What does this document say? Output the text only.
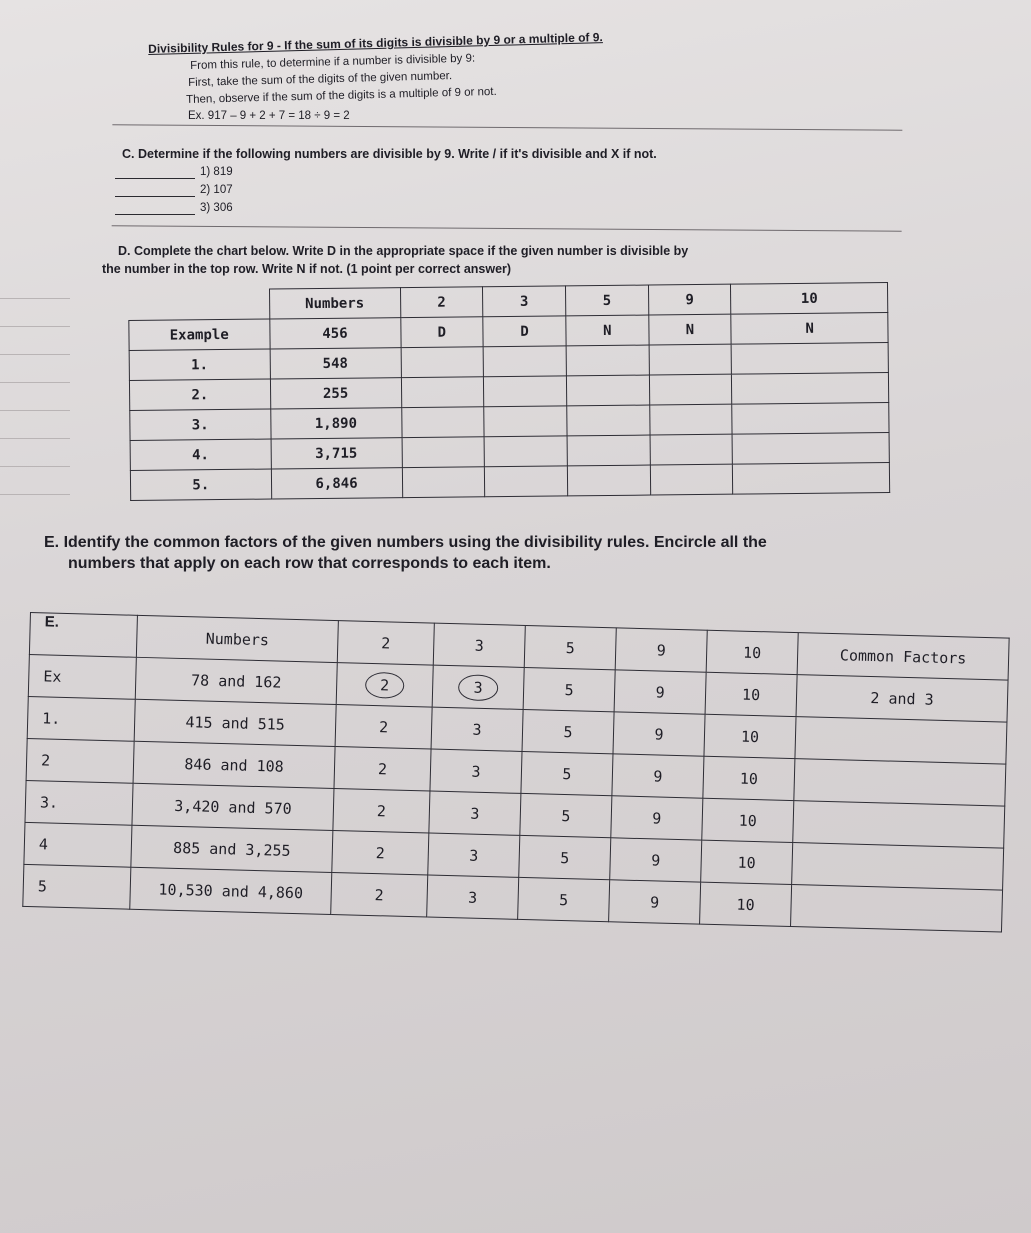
Divisibility Rules for 9 - If the sum of its digits is divisible by 9 or a multiple of 9.
From this rule, to determine if a number is divisible by 9:
First, take the sum of the digits of the given number.
Then, observe if the sum of the digits is a multiple of 9 or not.
Ex. 917 – 9 + 2 + 7 = 18 ÷ 9 = 2
C. Determine if the following numbers are divisible by 9. Write / if it's divisible and X if not.
1) 819
2) 107
3) 306
D. Complete the chart below. Write D in the appropriate space if the given number is divisible by
the number in the top row. Write N if not. (1 point per correct answer)
	Numbers	2	3	5	9	10
Example	456	D	D	N	N	N
1.	548					
2.	255					
3.	1,890					
4.	3,715					
5.	6,846					
E. Identify the common factors of the given numbers using the divisibility rules. Encircle all the
numbers that apply on each row that corresponds to each item.
E.	Numbers	2	3	5	9	10	Common Factors
Ex	78 and 162	2	3	5	9	10	2 and 3
1.	415 and 515	2	3	5	9	10	
2	846 and 108	2	3	5	9	10	
3.	3,420 and 570	2	3	5	9	10	
4	885 and 3,255	2	3	5	9	10	
5	10,530 and 4,860	2	3	5	9	10	
